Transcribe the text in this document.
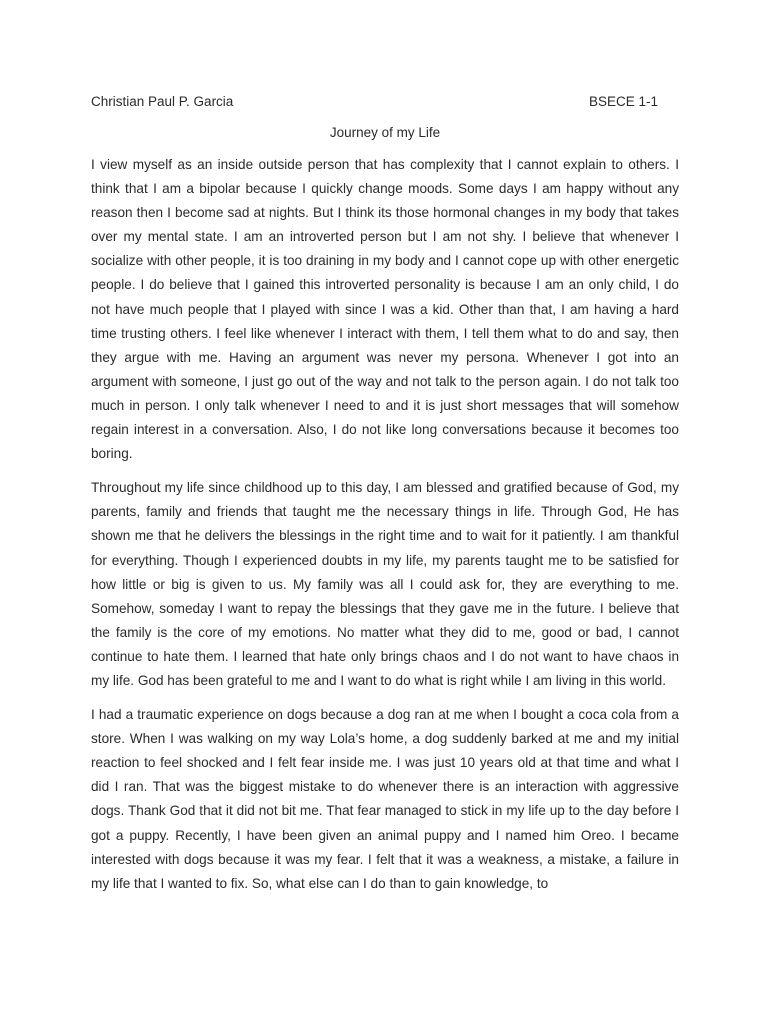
Christian Paul P. Garcia	BSECE 1-1
Journey of my Life

I view myself as an inside outside person that has complexity that I cannot explain to others. I think that I am a bipolar because I quickly change moods. Some days I am happy without any reason then I become sad at nights. But I think its those hormonal changes in my body that takes over my mental state. I am an introverted person but I am not shy. I believe that whenever I socialize with other people, it is too draining in my body and I cannot cope up with other energetic people. I do believe that I gained this introverted personality is because I am an only child, I do not have much people that I played with since I was a kid. Other than that, I am having a hard time trusting others. I feel like whenever I interact with them, I tell them what to do and say, then they argue with me. Having an argument was never my persona. Whenever I got into an argument with someone, I just go out of the way and not talk to the person again. I do not talk too much in person. I only talk whenever I need to and it is just short messages that will somehow regain interest in a conversation. Also, I do not like long conversations because it becomes too boring.

Throughout my life since childhood up to this day, I am blessed and gratified because of God, my parents, family and friends that taught me the necessary things in life. Through God, He has shown me that he delivers the blessings in the right time and to wait for it patiently. I am thankful for everything. Though I experienced doubts in my life, my parents taught me to be satisfied for how little or big is given to us. My family was all I could ask for, they are everything to me. Somehow, someday I want to repay the blessings that they gave me in the future. I believe that the family is the core of my emotions. No matter what they did to me, good or bad, I cannot continue to hate them. I learned that hate only brings chaos and I do not want to have chaos in my life. God has been grateful to me and I want to do what is right while I am living in this world.

I had a traumatic experience on dogs because a dog ran at me when I bought a coca cola from a store. When I was walking on my way Lola’s home, a dog suddenly barked at me and my initial reaction to feel shocked and I felt fear inside me. I was just 10 years old at that time and what I did I ran. That was the biggest mistake to do whenever there is an interaction with aggressive dogs. Thank God that it did not bit me. That fear managed to stick in my life up to the day before I got a puppy. Recently, I have been given an animal puppy and I named him Oreo. I became interested with dogs because it was my fear. I felt that it was a weakness, a mistake, a failure in my life that I wanted to fix. So, what else can I do than to gain knowledge, to
